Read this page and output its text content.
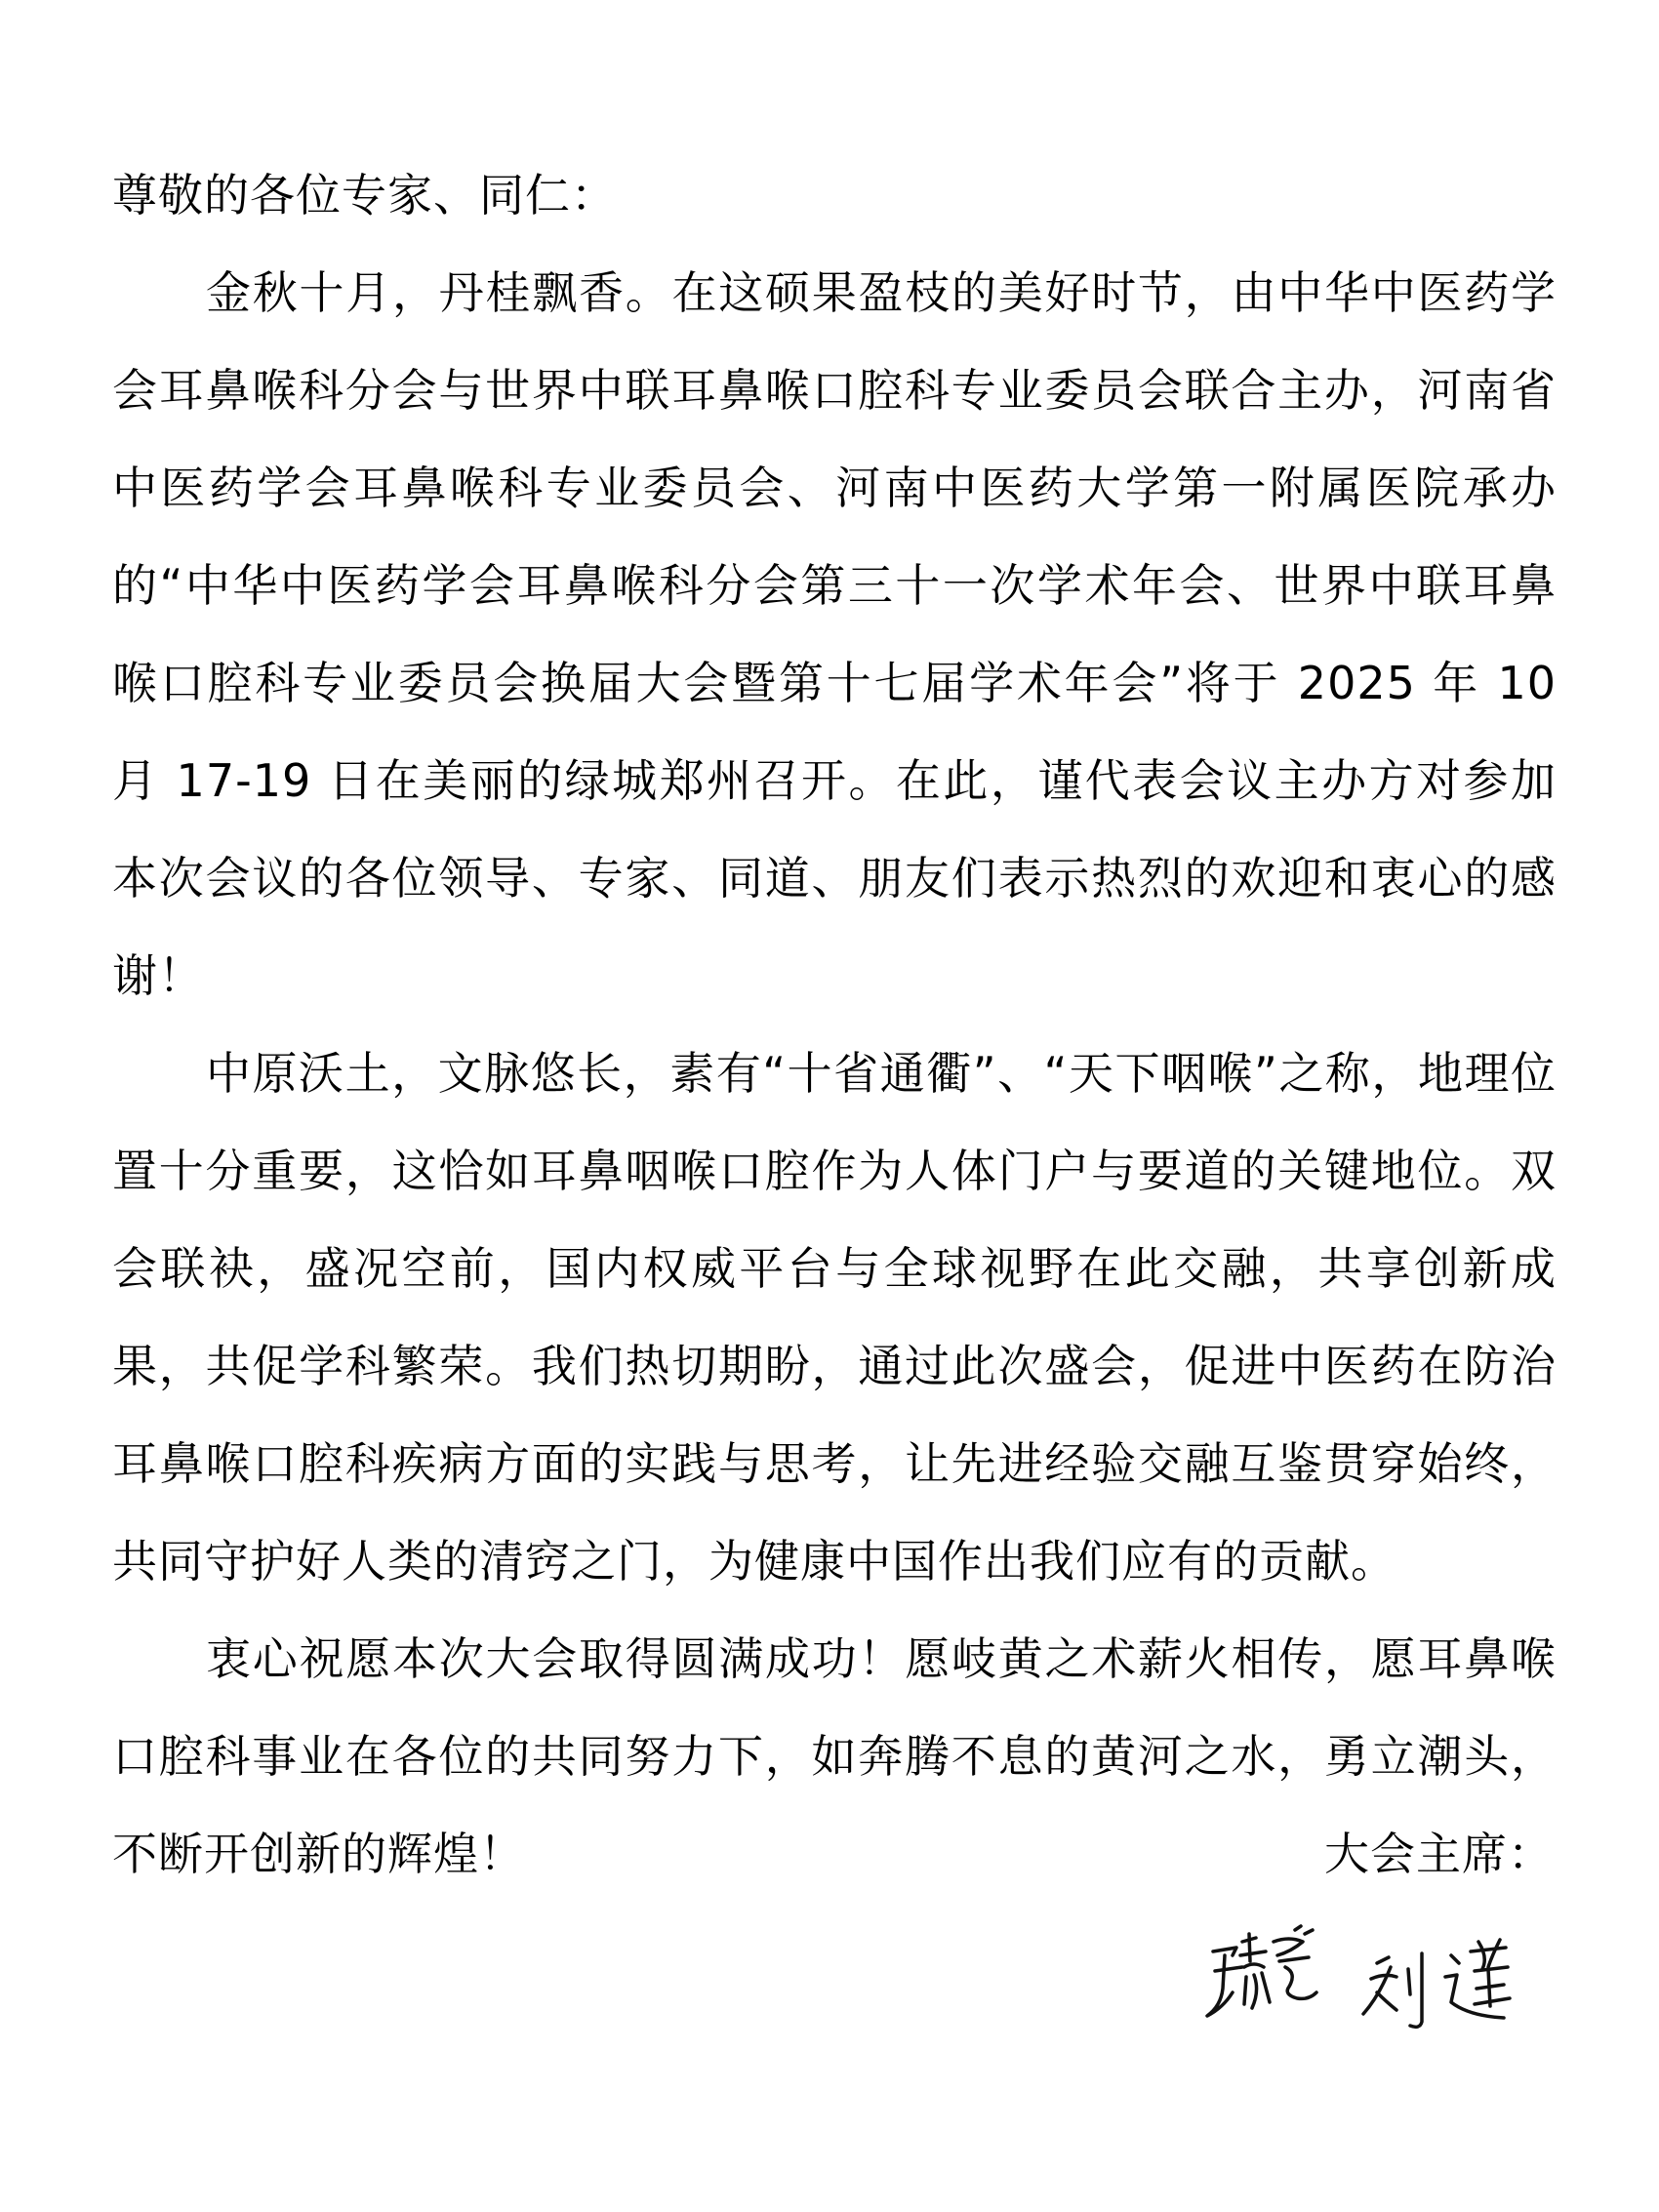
尊敬的各位专家、同仁：

金秋十月，丹桂飘香。在这硕果盈枝的美好时节，由中华中医药学会耳鼻喉科分会与世界中联耳鼻喉口腔科专业委员会联合主办，河南省中医药学会耳鼻喉科专业委员会、河南中医药大学第一附属医院承办的“中华中医药学会耳鼻喉科分会第三十一次学术年会、世界中联耳鼻喉口腔科专业委员会换届大会暨第十七届学术年会”将于 2025 年 10 月 17-19 日在美丽的绿城郑州召开。在此，谨代表会议主办方对参加本次会议的各位领导、专家、同道、朋友们表示热烈的欢迎和衷心的感谢！

中原沃土，文脉悠长，素有“十省通衢”、“天下咽喉”之称，地理位置十分重要，这恰如耳鼻咽喉口腔作为人体门户与要道的关键地位。双会联袂，盛况空前，国内权威平台与全球视野在此交融，共享创新成果，共促学科繁荣。我们热切期盼，通过此次盛会，促进中医药在防治耳鼻喉口腔科疾病方面的实践与思考，让先进经验交融互鉴贯穿始终，共同守护好人类的清窍之门，为健康中国作出我们应有的贡献。

衷心祝愿本次大会取得圆满成功！愿岐黄之术薪火相传，愿耳鼻喉口腔科事业在各位的共同努力下，如奔腾不息的黄河之水，勇立潮头，不断开创新的辉煌！	大会主席：
